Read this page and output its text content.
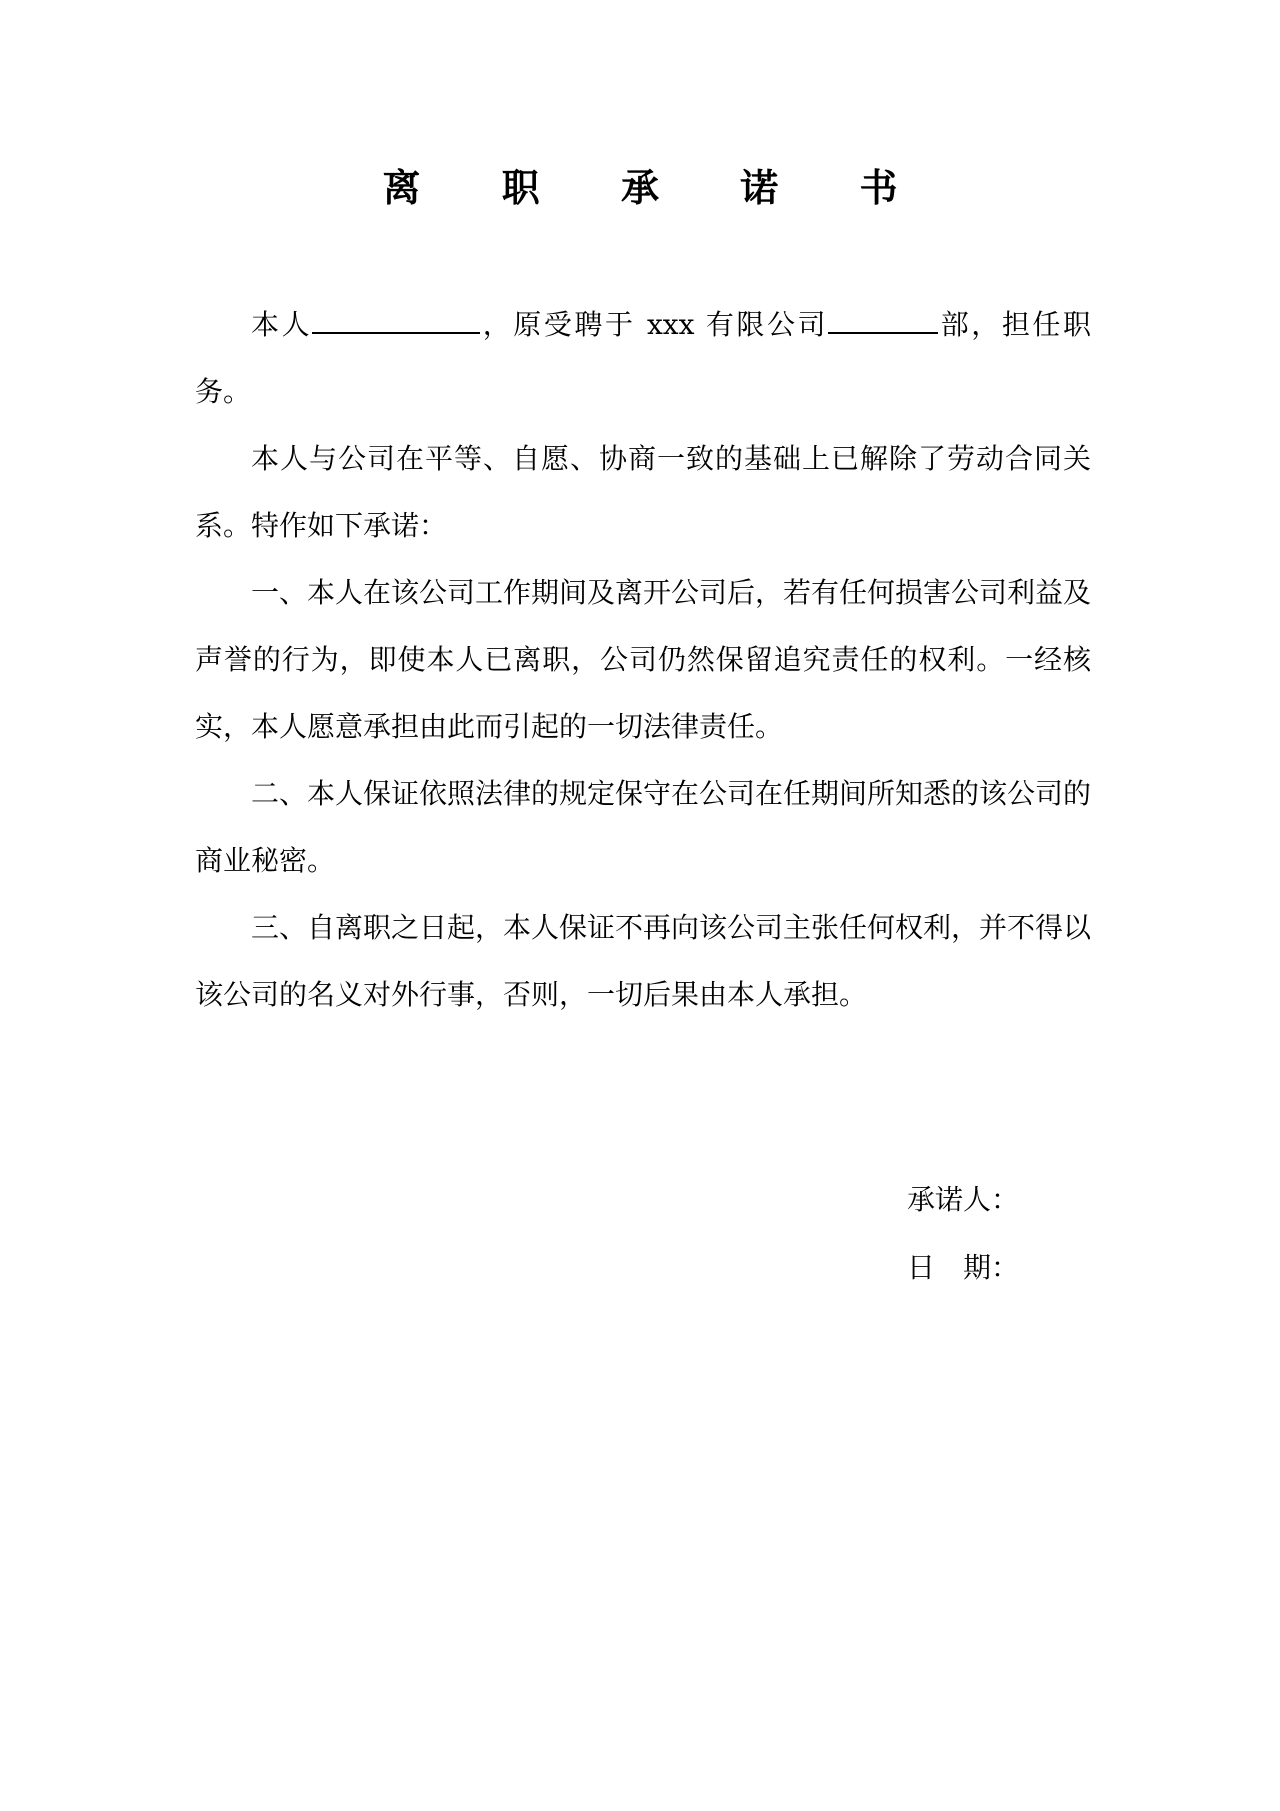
离 职 承 诺 书

本人	，原受聘于 xxx 有限公司	部，担任职务。

本人与公司在平等、自愿、协商一致的基础上已解除了劳动合同关系。特作如下承诺：

一、本人在该公司工作期间及离开公司后，若有任何损害公司利益及声誉的行为，即使本人已离职，公司仍然保留追究责任的权利。一经核实，本人愿意承担由此而引起的一切法律责任。

二、本人保证依照法律的规定保守在公司在任期间所知悉的该公司的商业秘密。

三、自离职之日起，本人保证不再向该公司主张任何权利，并不得以该公司的名义对外行事，否则，一切后果由本人承担。

承诺人：
日　期：
